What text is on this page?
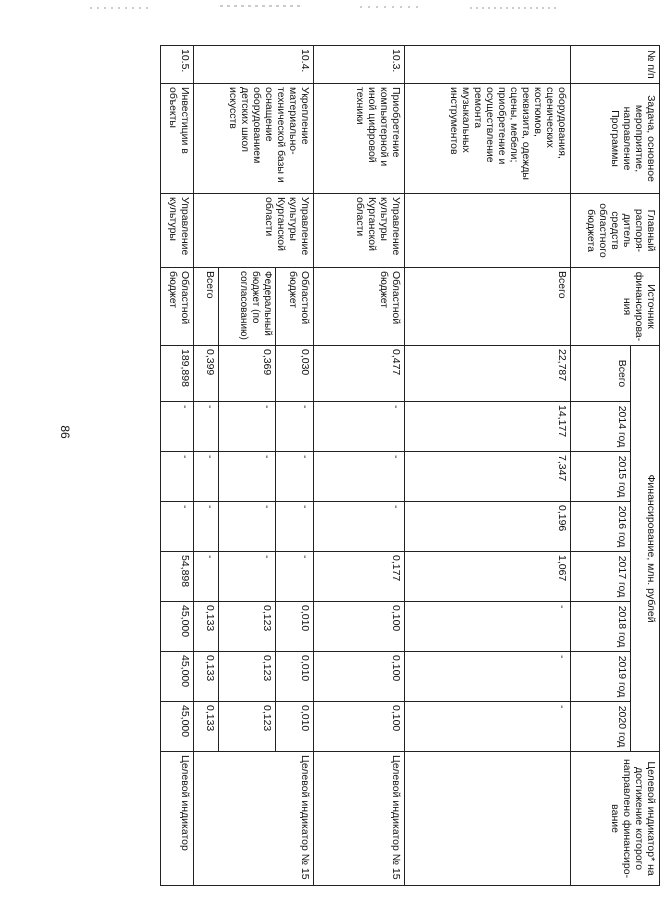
86
№ п/п	Задача, основное мероприятие, направление Программы	Главный распоря-дитель средств областного бюджета	Источник финансирова-ния	Финансирование, млн. рублей								Целевой индикатор* на достижение которого направлено финансиро-вание
				Всего	2014 год	2015 год	2016 год	2017 год	2018 год	2019 год	2020 год	
	оборудования, сценических костюмов, реквизита, одежды сцены, мебели; приобретение и осуществление ремонта музыкальных инструментов		Всего	22,787	14,177	7,347	0,196	1,067	-	-	-	
10.3.	Приобретение компьютерной и иной цифровой техники	Управление культуры Курганской области	Областной бюджет	0,477	-	-	-	0,177	0,100	0,100	0,100	Целевой индикатор № 15
10.4.	Укрепление материально-технической базы и оснащение оборудованием детских школ искусств	Управление культуры Курганской области	Областной бюджет	0,030	-	-	-	-	0,010	0,010	0,010	Целевой индикатор № 15
			Федеральный бюджет (по согласованию)	0,369	-	-	-	-	0,123	0,123	0,123	
			Всего	0,399	-	-	-	-	0,133	0,133	0,133	
10.5.	Инвестиции в объекты	Управление культуры	Областной бюджет	189,898	-	-	-	54,898	45,000	45,000	45,000	Целевой индикатор
